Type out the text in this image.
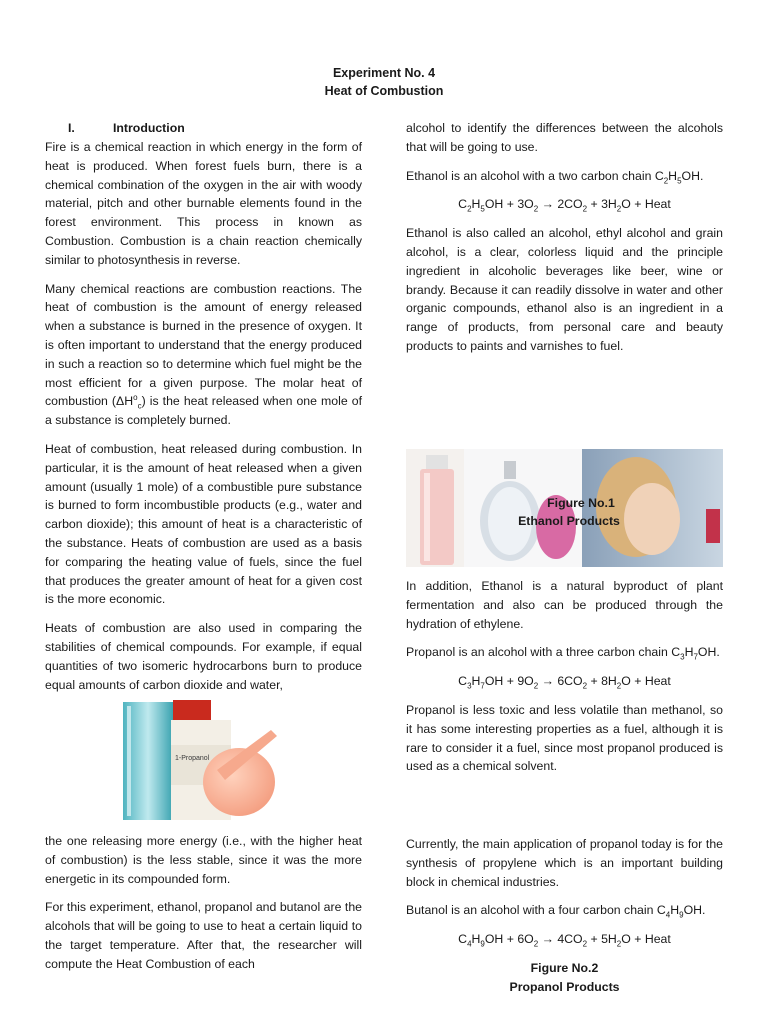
Experiment No. 4
Heat of Combustion
I.	Introduction

Fire is a chemical reaction in which energy in the form of heat is produced. When forest fuels burn, there is a chemical combination of the oxygen in the air with woody material, pitch and other burnable elements found in the forest environment. This process in known as Combustion. Combustion is a chain reaction chemically similar to photosynthesis in reverse.

Many chemical reactions are combustion reactions. The heat of combustion is the amount of energy released when a substance is burned in the presence of oxygen. It is often important to understand that the energy produced in such a reaction so to determine which fuel might be the most efficient for a given purpose. The molar heat of combustion $(\Delta H^o_c)$ is the heat released when one mole of a substance is completely burned.

Heat of combustion, heat released during combustion. In particular, it is the amount of heat released when a given amount (usually 1 mole) of a combustible pure substance is burned to form incombustible products (e.g., water and carbon dioxide); this amount of heat is a characteristic of the substance. Heats of combustion are used as a basis for comparing the heating value of fuels, since the fuel that produces the greater amount of heat for a given cost is the more economic.

Heats of combustion are also used in comparing the stabilities of chemical compounds. For example, if equal quantities of two isomeric hydrocarbons burn to produce equal amounts of carbon dioxide and water,

1-Propanol

the one releasing more energy (i.e., with the higher heat of combustion) is the less stable, since it was the more energetic in its compounded form.

For this experiment, ethanol, propanol and butanol are the alcohols that will be going to use to heat a certain liquid to the target temperature. After that, the researcher will compute the Heat Combustion of each

alcohol to identify the differences between the alcohols that will be going to use.

Ethanol is an alcohol with a two carbon chain $C_2H_5OH$.

$C_2H_5OH + 3O_2 \to 2CO_2 + 3H_2O$ + Heat

Ethanol is also called an alcohol, ethyl alcohol and grain alcohol, is a clear, colorless liquid and the principle ingredient in alcoholic beverages like beer, wine or brandy. Because it can readily dissolve in water and other organic compounds, ethanol also is an ingredient in a range of products, from personal care and beauty products to paints and varnishes to fuel.

Figure No.1
Ethanol Products

In addition, Ethanol is a natural byproduct of plant fermentation and also can be produced through the hydration of ethylene.

Propanol is an alcohol with a three carbon chain $C_3H_7OH$.

$C_3H_7OH + 9O_2 \to 6CO_2 + 8H_2O$ + Heat

Propanol is less toxic and less volatile than methanol, so it has some interesting properties as a fuel, although it is rare to consider it a fuel, since most propanol produced is used as a chemical solvent.

Currently, the main application of propanol today is for the synthesis of propylene which is an important building block in chemical industries.

Butanol is an alcohol with a four carbon chain $C_4H_9OH$.

$C_4H_9OH + 6O_2 \to 4CO_2 + 5H_2O$ + Heat

Figure No.2
Propanol Products
